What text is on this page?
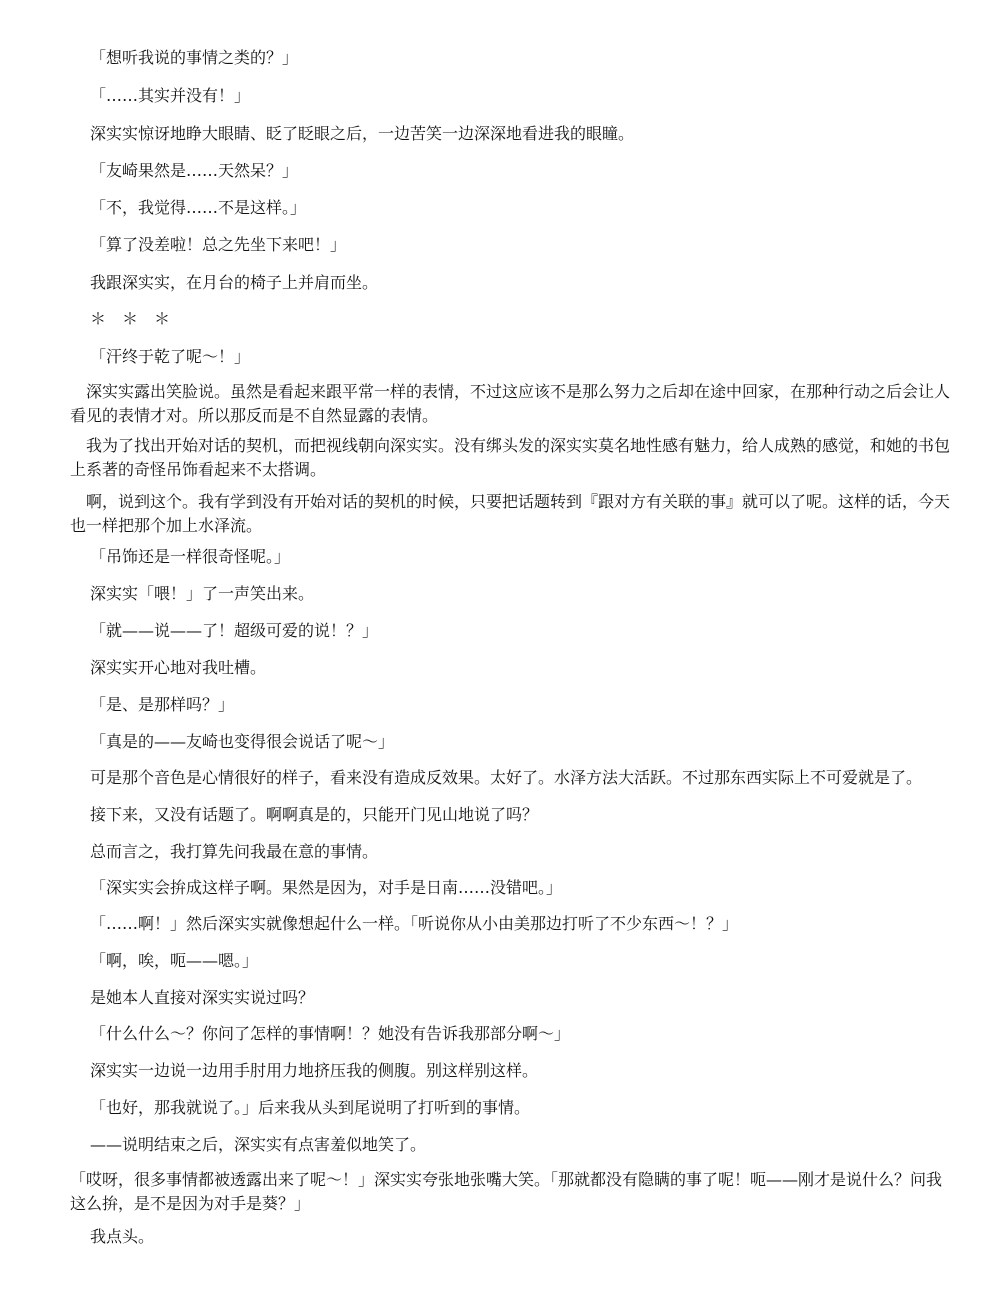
「想听我说的事情之类的？」

「……其实并没有！」

深实实惊讶地睁大眼睛、眨了眨眼之后，一边苦笑一边深深地看进我的眼瞳。

「友崎果然是……天然呆？」

「不，我觉得……不是这样。」

「算了没差啦！总之先坐下来吧！」

我跟深实实，在月台的椅子上并肩而坐。

＊　＊　＊

「汗终于乾了呢～！」

　深实实露出笑脸说。虽然是看起来跟平常一样的表情，不过这应该不是那么努力之后却在途中回家，在那种行动之后会让人看见的表情才对。所以那反而是不自然显露的表情。

　我为了找出开始对话的契机，而把视线朝向深实实。没有绑头发的深实实莫名地性感有魅力，给人成熟的感觉，和她的书包上系著的奇怪吊饰看起来不太搭调。

　啊，说到这个。我有学到没有开始对话的契机的时候，只要把话题转到『跟对方有关联的事』就可以了呢。这样的话，今天也一样把那个加上水泽流。

「吊饰还是一样很奇怪呢。」

深实实「喂！」了一声笑出来。

「就——说——了！超级可爱的说！？」

深实实开心地对我吐槽。

「是、是那样吗？」

「真是的——友崎也变得很会说话了呢～」

可是那个音色是心情很好的样子，看来没有造成反效果。太好了。水泽方法大活跃。不过那东西实际上不可爱就是了。

接下来，又没有话题了。啊啊真是的，只能开门见山地说了吗？

总而言之，我打算先问我最在意的事情。

「深实实会拚成这样子啊。果然是因为，对手是日南……没错吧。」

「……啊！」然后深实实就像想起什么一样。「听说你从小由美那边打听了不少东西～！？」

「啊，唉，呃——嗯。」

是她本人直接对深实实说过吗？

「什么什么～？你问了怎样的事情啊！？她没有告诉我那部分啊～」

深实实一边说一边用手肘用力地挤压我的侧腹。别这样别这样。

「也好，那我就说了。」后来我从头到尾说明了打听到的事情。

——说明结束之后，深实实有点害羞似地笑了。

「哎呀，很多事情都被透露出来了呢～！」深实实夸张地张嘴大笑。「那就都没有隐瞒的事了呢！呃——刚才是说什么？问我这么拚，是不是因为对手是葵？」

我点头。
